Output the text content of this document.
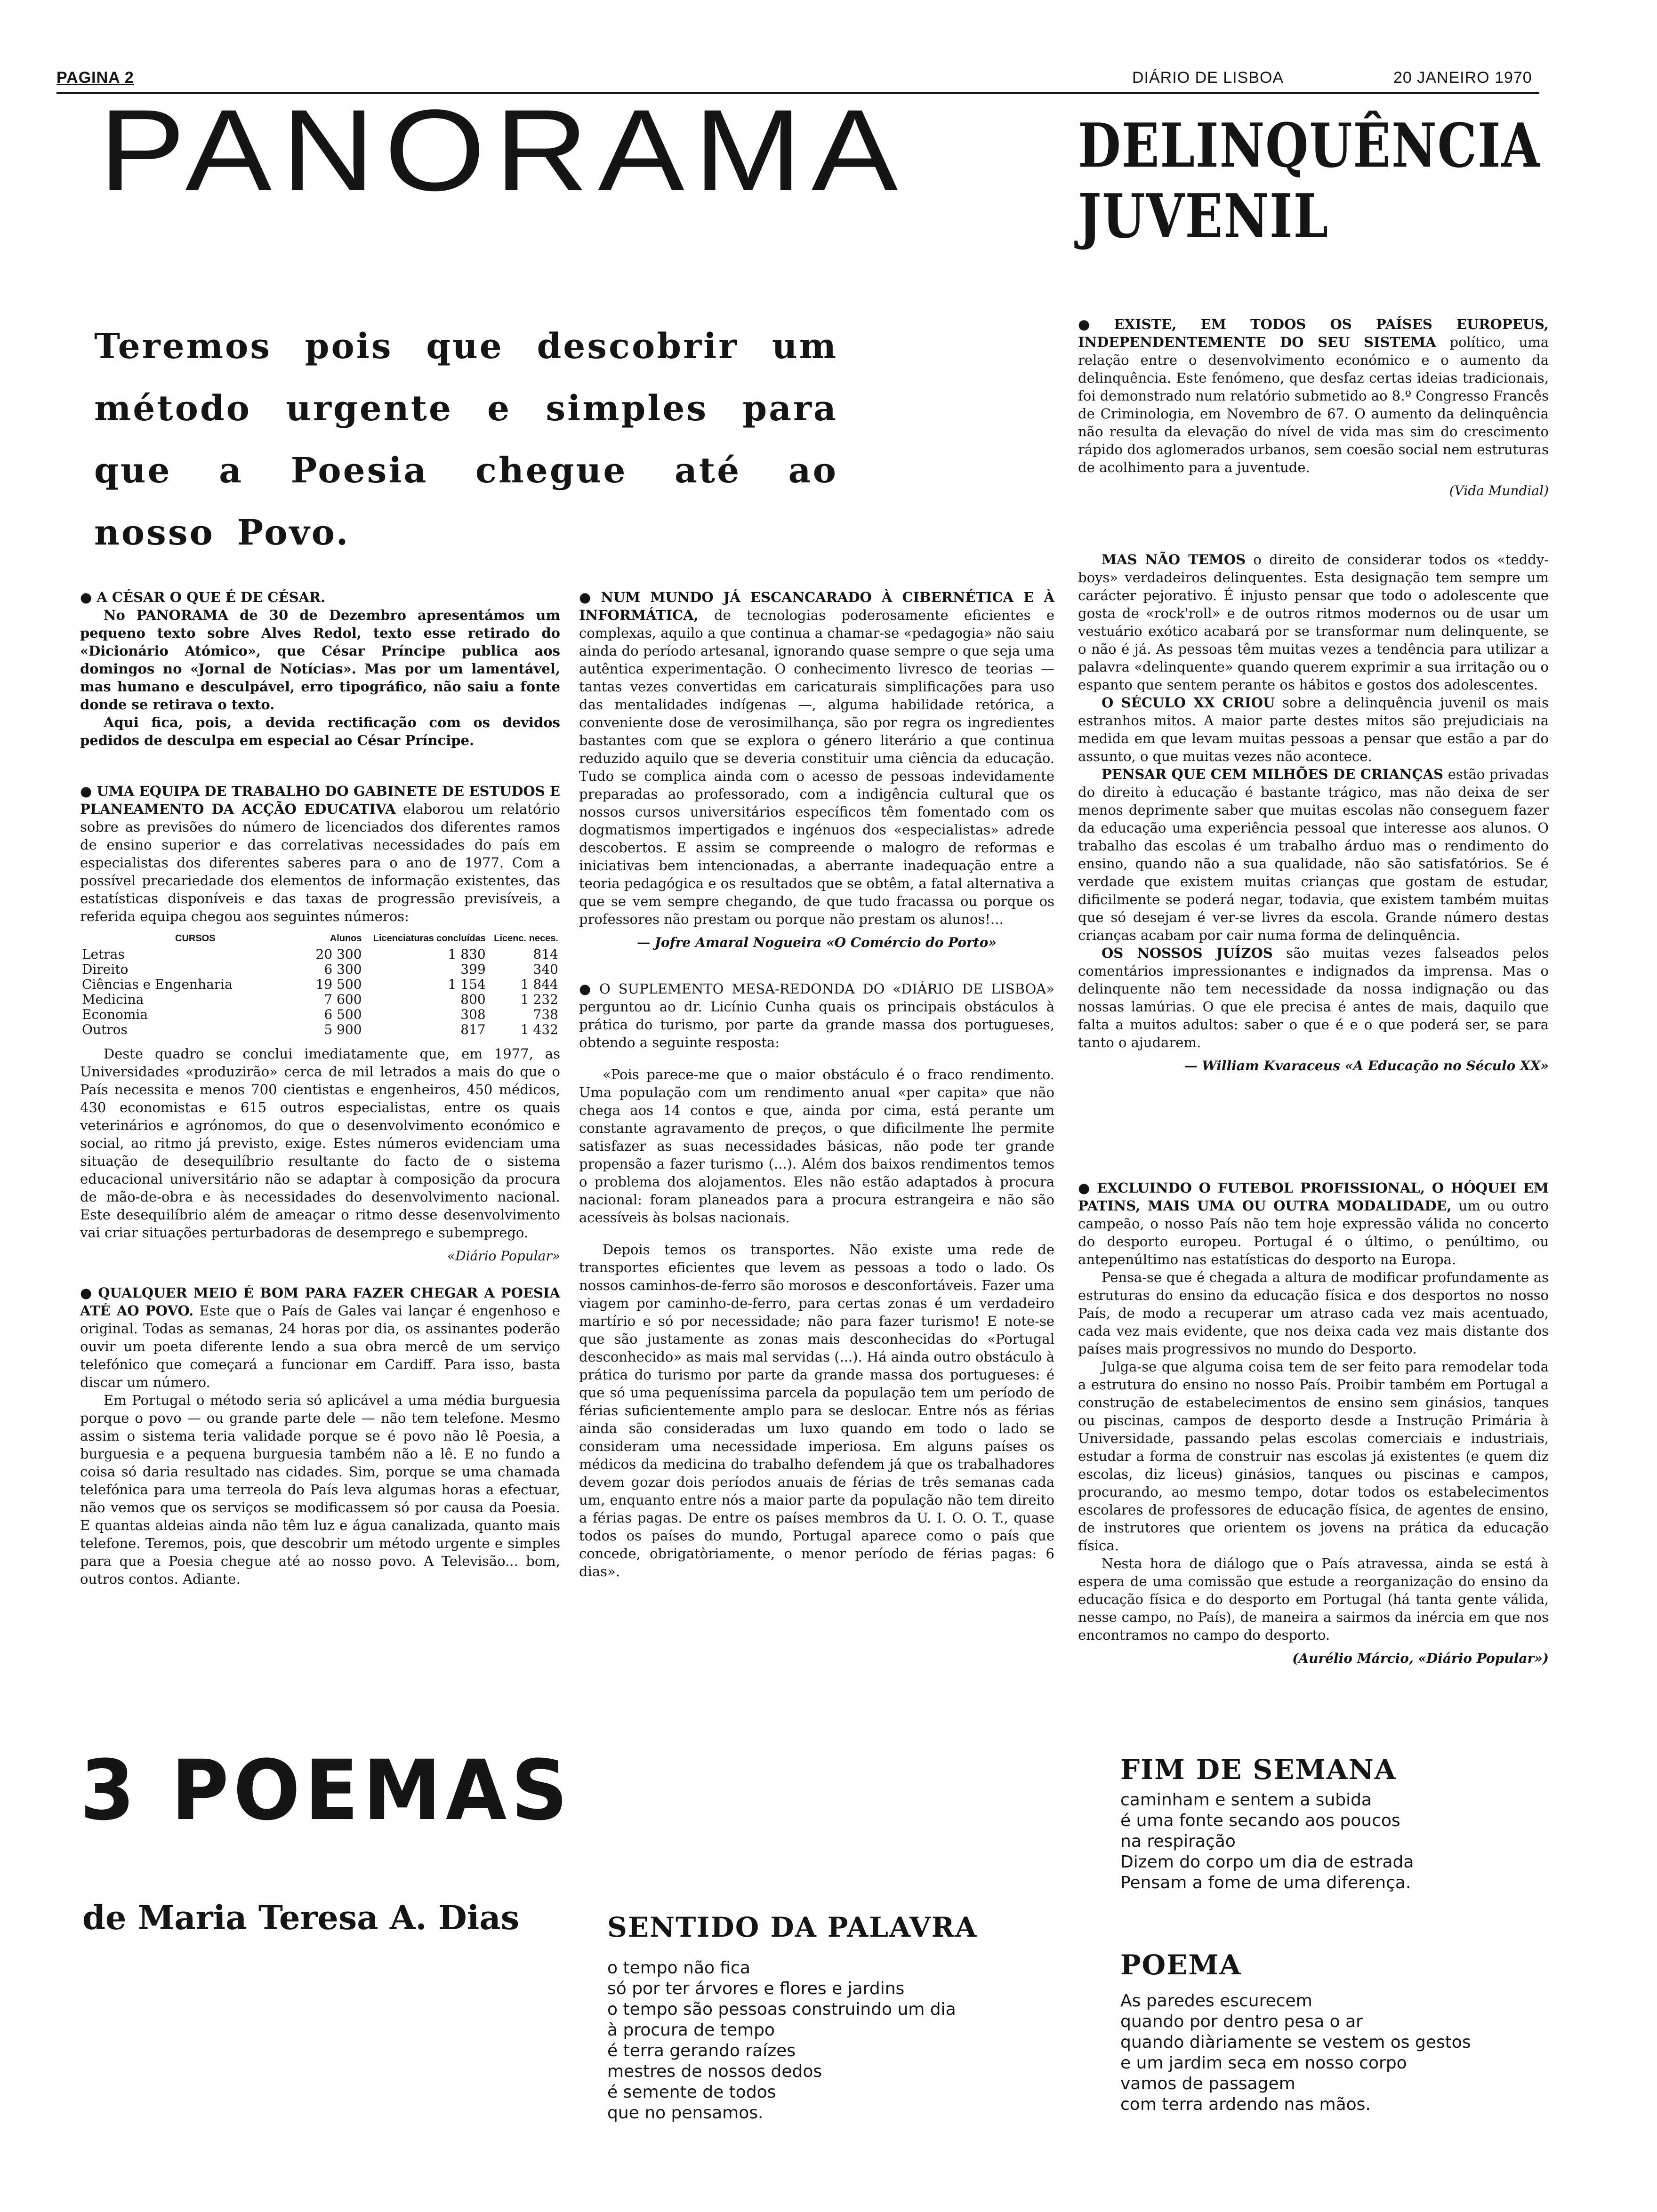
PAGINA 2	DIÁRIO DE LISBOA	20 JANEIRO 1970
PANORAMA	DELINQUÊNCIA
JUVENIL
Teremos pois que descobrir um método urgente e simples para que a Poesia chegue até ao nosso Povo.

● EXISTE, EM TODOS OS PAÍSES EUROPEUS, INDEPENDENTEMENTE DO SEU SISTEMA político, uma relação entre o desenvolvimento económico e o aumento da delinquência. Este fenómeno, que desfaz certas ideias tradicionais, foi demonstrado num relatório submetido ao 8.º Congresso Francês de Criminologia, em Novembro de 67. O aumento da delinquência não resulta da elevação do nível de vida mas sim do crescimento rápido dos aglomerados urbanos, sem coesão social nem estruturas de acolhimento para a juventude.

(Vida Mundial)

MAS NÃO TEMOS o direito de considerar todos os «teddy-boys» verdadeiros delinquentes. Esta designação tem sempre um carácter pejorativo. É injusto pensar que todo o adolescente que gosta de «rock'roll» e de outros ritmos modernos ou de usar um vestuário exótico acabará por se transformar num delinquente, se o não é já. As pessoas têm muitas vezes a tendência para utilizar a palavra «delinquente» quando querem exprimir a sua irritação ou o espanto que sentem perante os hábitos e gostos dos adolescentes.

O SÉCULO XX CRIOU sobre a delinquência juvenil os mais estranhos mitos. A maior parte destes mitos são prejudiciais na medida em que levam muitas pessoas a pensar que estão a par do assunto, o que muitas vezes não acontece.

PENSAR QUE CEM MILHÕES DE CRIANÇAS estão privadas do direito à educação é bastante trágico, mas não deixa de ser menos deprimente saber que muitas escolas não conseguem fazer da educação uma experiência pessoal que interesse aos alunos. O trabalho das escolas é um trabalho árduo mas o rendimento do ensino, quando não a sua qualidade, não são satisfatórios. Se é verdade que existem muitas crianças que gostam de estudar, dificilmente se poderá negar, todavia, que existem também muitas que só desejam é ver-se livres da escola. Grande número destas crianças acabam por cair numa forma de delinquência.

OS NOSSOS JUÍZOS são muitas vezes falseados pelos comentários impressionantes e indignados da imprensa. Mas o delinquente não tem necessidade da nossa indignação ou das nossas lamúrias. O que ele precisa é antes de mais, daquilo que falta a muitos adultos: saber o que é e o que poderá ser, se para tanto o ajudarem.

— William Kvaraceus «A Educação no Século XX»

● A CÉSAR O QUE É DE CÉSAR.

No PANORAMA de 30 de Dezembro apresentámos um pequeno texto sobre Alves Redol, texto esse retirado do «Dicionário Atómico», que César Príncipe publica aos domingos no «Jornal de Notícias». Mas por um lamentável, mas humano e desculpável, erro tipográfico, não saiu a fonte donde se retirava o texto.

Aqui fica, pois, a devida rectificação com os devidos pedidos de desculpa em especial ao César Príncipe.

● UMA EQUIPA DE TRABALHO DO GABINETE DE ESTUDOS E PLANEAMENTO DA ACÇÃO EDUCATIVA elaborou um relatório sobre as previsões do número de licenciados dos diferentes ramos de ensino superior e das correlativas necessidades do país em especialistas dos diferentes saberes para o ano de 1977. Com a possível precariedade dos elementos de informação existentes, das estatísticas disponíveis e das taxas de progressão previsíveis, a referida equipa chegou aos seguintes números:

CURSOS	Alunos	Licenciaturas concluídas	Licenc. neces.
Letras	20 300	1 830	814
Direito	6 300	399	340
Ciências e Engenharia	19 500	1 154	1 844
Medicina	7 600	800	1 232
Economia	6 500	308	738
Outros	5 900	817	1 432

Deste quadro se conclui imediatamente que, em 1977, as Universidades «produzirão» cerca de mil letrados a mais do que o País necessita e menos 700 cientistas e engenheiros, 450 médicos, 430 economistas e 615 outros especialistas, entre os quais veterinários e agrónomos, do que o desenvolvimento económico e social, ao ritmo já previsto, exige. Estes números evidenciam uma situação de desequilíbrio resultante do facto de o sistema educacional universitário não se adaptar à composição da procura de mão-de-obra e às necessidades do desenvolvimento nacional. Este desequilíbrio além de ameaçar o ritmo desse desenvolvimento vai criar situações perturbadoras de desemprego e subemprego.

«Diário Popular»

● QUALQUER MEIO É BOM PARA FAZER CHEGAR A POESIA ATÉ AO POVO. Este que o País de Gales vai lançar é engenhoso e original. Todas as semanas, 24 horas por dia, os assinantes poderão ouvir um poeta diferente lendo a sua obra mercê de um serviço telefónico que começará a funcionar em Cardiff. Para isso, basta discar um número.

Em Portugal o método seria só aplicável a uma média burguesia porque o povo — ou grande parte dele — não tem telefone. Mesmo assim o sistema teria validade porque se é povo não lê Poesia, a burguesia e a pequena burguesia também não a lê. E no fundo a coisa só daria resultado nas cidades. Sim, porque se uma chamada telefónica para uma terreola do País leva algumas horas a efectuar, não vemos que os serviços se modificassem só por causa da Poesia. E quantas aldeias ainda não têm luz e água canalizada, quanto mais telefone. Teremos, pois, que descobrir um método urgente e simples para que a Poesia chegue até ao nosso povo. A Televisão... bom, outros contos. Adiante.

● NUM MUNDO JÁ ESCANCARADO À CIBERNÉTICA E À INFORMÁTICA, de tecnologias poderosamente eficientes e complexas, aquilo a que continua a chamar-se «pedagogia» não saiu ainda do período artesanal, ignorando quase sempre o que seja uma autêntica experimentação. O conhecimento livresco de teorias — tantas vezes convertidas em caricaturais simplificações para uso das mentalidades indígenas —, alguma habilidade retórica, a conveniente dose de verosimilhança, são por regra os ingredientes bastantes com que se explora o género literário a que continua reduzido aquilo que se deveria constituir uma ciência da educação. Tudo se complica ainda com o acesso de pessoas indevidamente preparadas ao professorado, com a indigência cultural que os nossos cursos universitários específicos têm fomentado com os dogmatismos impertigados e ingénuos dos «especialistas» adrede descobertos. E assim se compreende o malogro de reformas e iniciativas bem intencionadas, a aberrante inadequação entre a teoria pedagógica e os resultados que se obtêm, a fatal alternativa a que se vem sempre chegando, de que tudo fracassa ou porque os professores não prestam ou porque não prestam os alunos!...

— Jofre Amaral Nogueira «O Comércio do Porto»

● O SUPLEMENTO MESA-REDONDA DO «DIÁRIO DE LISBOA» perguntou ao dr. Licínio Cunha quais os principais obstáculos à prática do turismo, por parte da grande massa dos portugueses, obtendo a seguinte resposta:

«Pois parece-me que o maior obstáculo é o fraco rendimento. Uma população com um rendimento anual «per capita» que não chega aos 14 contos e que, ainda por cima, está perante um constante agravamento de preços, o que dificilmente lhe permite satisfazer as suas necessidades básicas, não pode ter grande propensão a fazer turismo (...). Além dos baixos rendimentos temos o problema dos alojamentos. Eles não estão adaptados à procura nacional: foram planeados para a procura estrangeira e não são acessíveis às bolsas nacionais.

Depois temos os transportes. Não existe uma rede de transportes eficientes que levem as pessoas a todo o lado. Os nossos caminhos-de-ferro são morosos e desconfortáveis. Fazer uma viagem por caminho-de-ferro, para certas zonas é um verdadeiro martírio e só por necessidade; não para fazer turismo! E note-se que são justamente as zonas mais desconhecidas do «Portugal desconhecido» as mais mal servidas (...). Há ainda outro obstáculo à prática do turismo por parte da grande massa dos portugueses: é que só uma pequeníssima parcela da população tem um período de férias suficientemente amplo para se deslocar. Entre nós as férias ainda são consideradas um luxo quando em todo o lado se consideram uma necessidade imperiosa. Em alguns países os médicos da medicina do trabalho defendem já que os trabalhadores devem gozar dois períodos anuais de férias de três semanas cada um, enquanto entre nós a maior parte da população não tem direito a férias pagas. De entre os países membros da U. I. O. O. T., quase todos os países do mundo, Portugal aparece como o país que concede, obrigatòriamente, o menor período de férias pagas: 6 dias».

● EXCLUINDO O FUTEBOL PROFISSIONAL, O HÓQUEI EM PATINS, MAIS UMA OU OUTRA MODALIDADE, um ou outro campeão, o nosso País não tem hoje expressão válida no concerto do desporto europeu. Portugal é o último, o penúltimo, ou antepenúltimo nas estatísticas do desporto na Europa.

Pensa-se que é chegada a altura de modificar profundamente as estruturas do ensino da educação física e dos desportos no nosso País, de modo a recuperar um atraso cada vez mais acentuado, cada vez mais evidente, que nos deixa cada vez mais distante dos países mais progressivos no mundo do Desporto.

Julga-se que alguma coisa tem de ser feito para remodelar toda a estrutura do ensino no nosso País. Proibir também em Portugal a construção de estabelecimentos de ensino sem ginásios, tanques ou piscinas, campos de desporto desde a Instrução Primária à Universidade, passando pelas escolas comerciais e industriais, estudar a forma de construir nas escolas já existentes (e quem diz escolas, diz liceus) ginásios, tanques ou piscinas e campos, procurando, ao mesmo tempo, dotar todos os estabelecimentos escolares de professores de educação física, de agentes de ensino, de instrutores que orientem os jovens na prática da educação física.

Nesta hora de diálogo que o País atravessa, ainda se está à espera de uma comissão que estude a reorganização do ensino da educação física e do desporto em Portugal (há tanta gente válida, nesse campo, no País), de maneira a sairmos da inércia em que nos encontramos no campo do desporto.

(Aurélio Márcio, «Diário Popular»)

3 POEMAS
de Maria Teresa A. Dias	SENTIDO DA PALAVRA
o tempo não fica
só por ter árvores e flores e jardins
o tempo são pessoas construindo um dia
à procura de tempo
é terra gerando raízes
mestres de nossos dedos
é semente de todos
que no pensamos.
FIM DE SEMANA
caminham e sentem a subida
é uma fonte secando aos poucos
na respiração
Dizem do corpo um dia de estrada
Pensam a fome de uma diferença.
POEMA
As paredes escurecem
quando por dentro pesa o ar
quando diàriamente se vestem os gestos
e um jardim seca em nosso corpo
vamos de passagem
com terra ardendo nas mãos.
